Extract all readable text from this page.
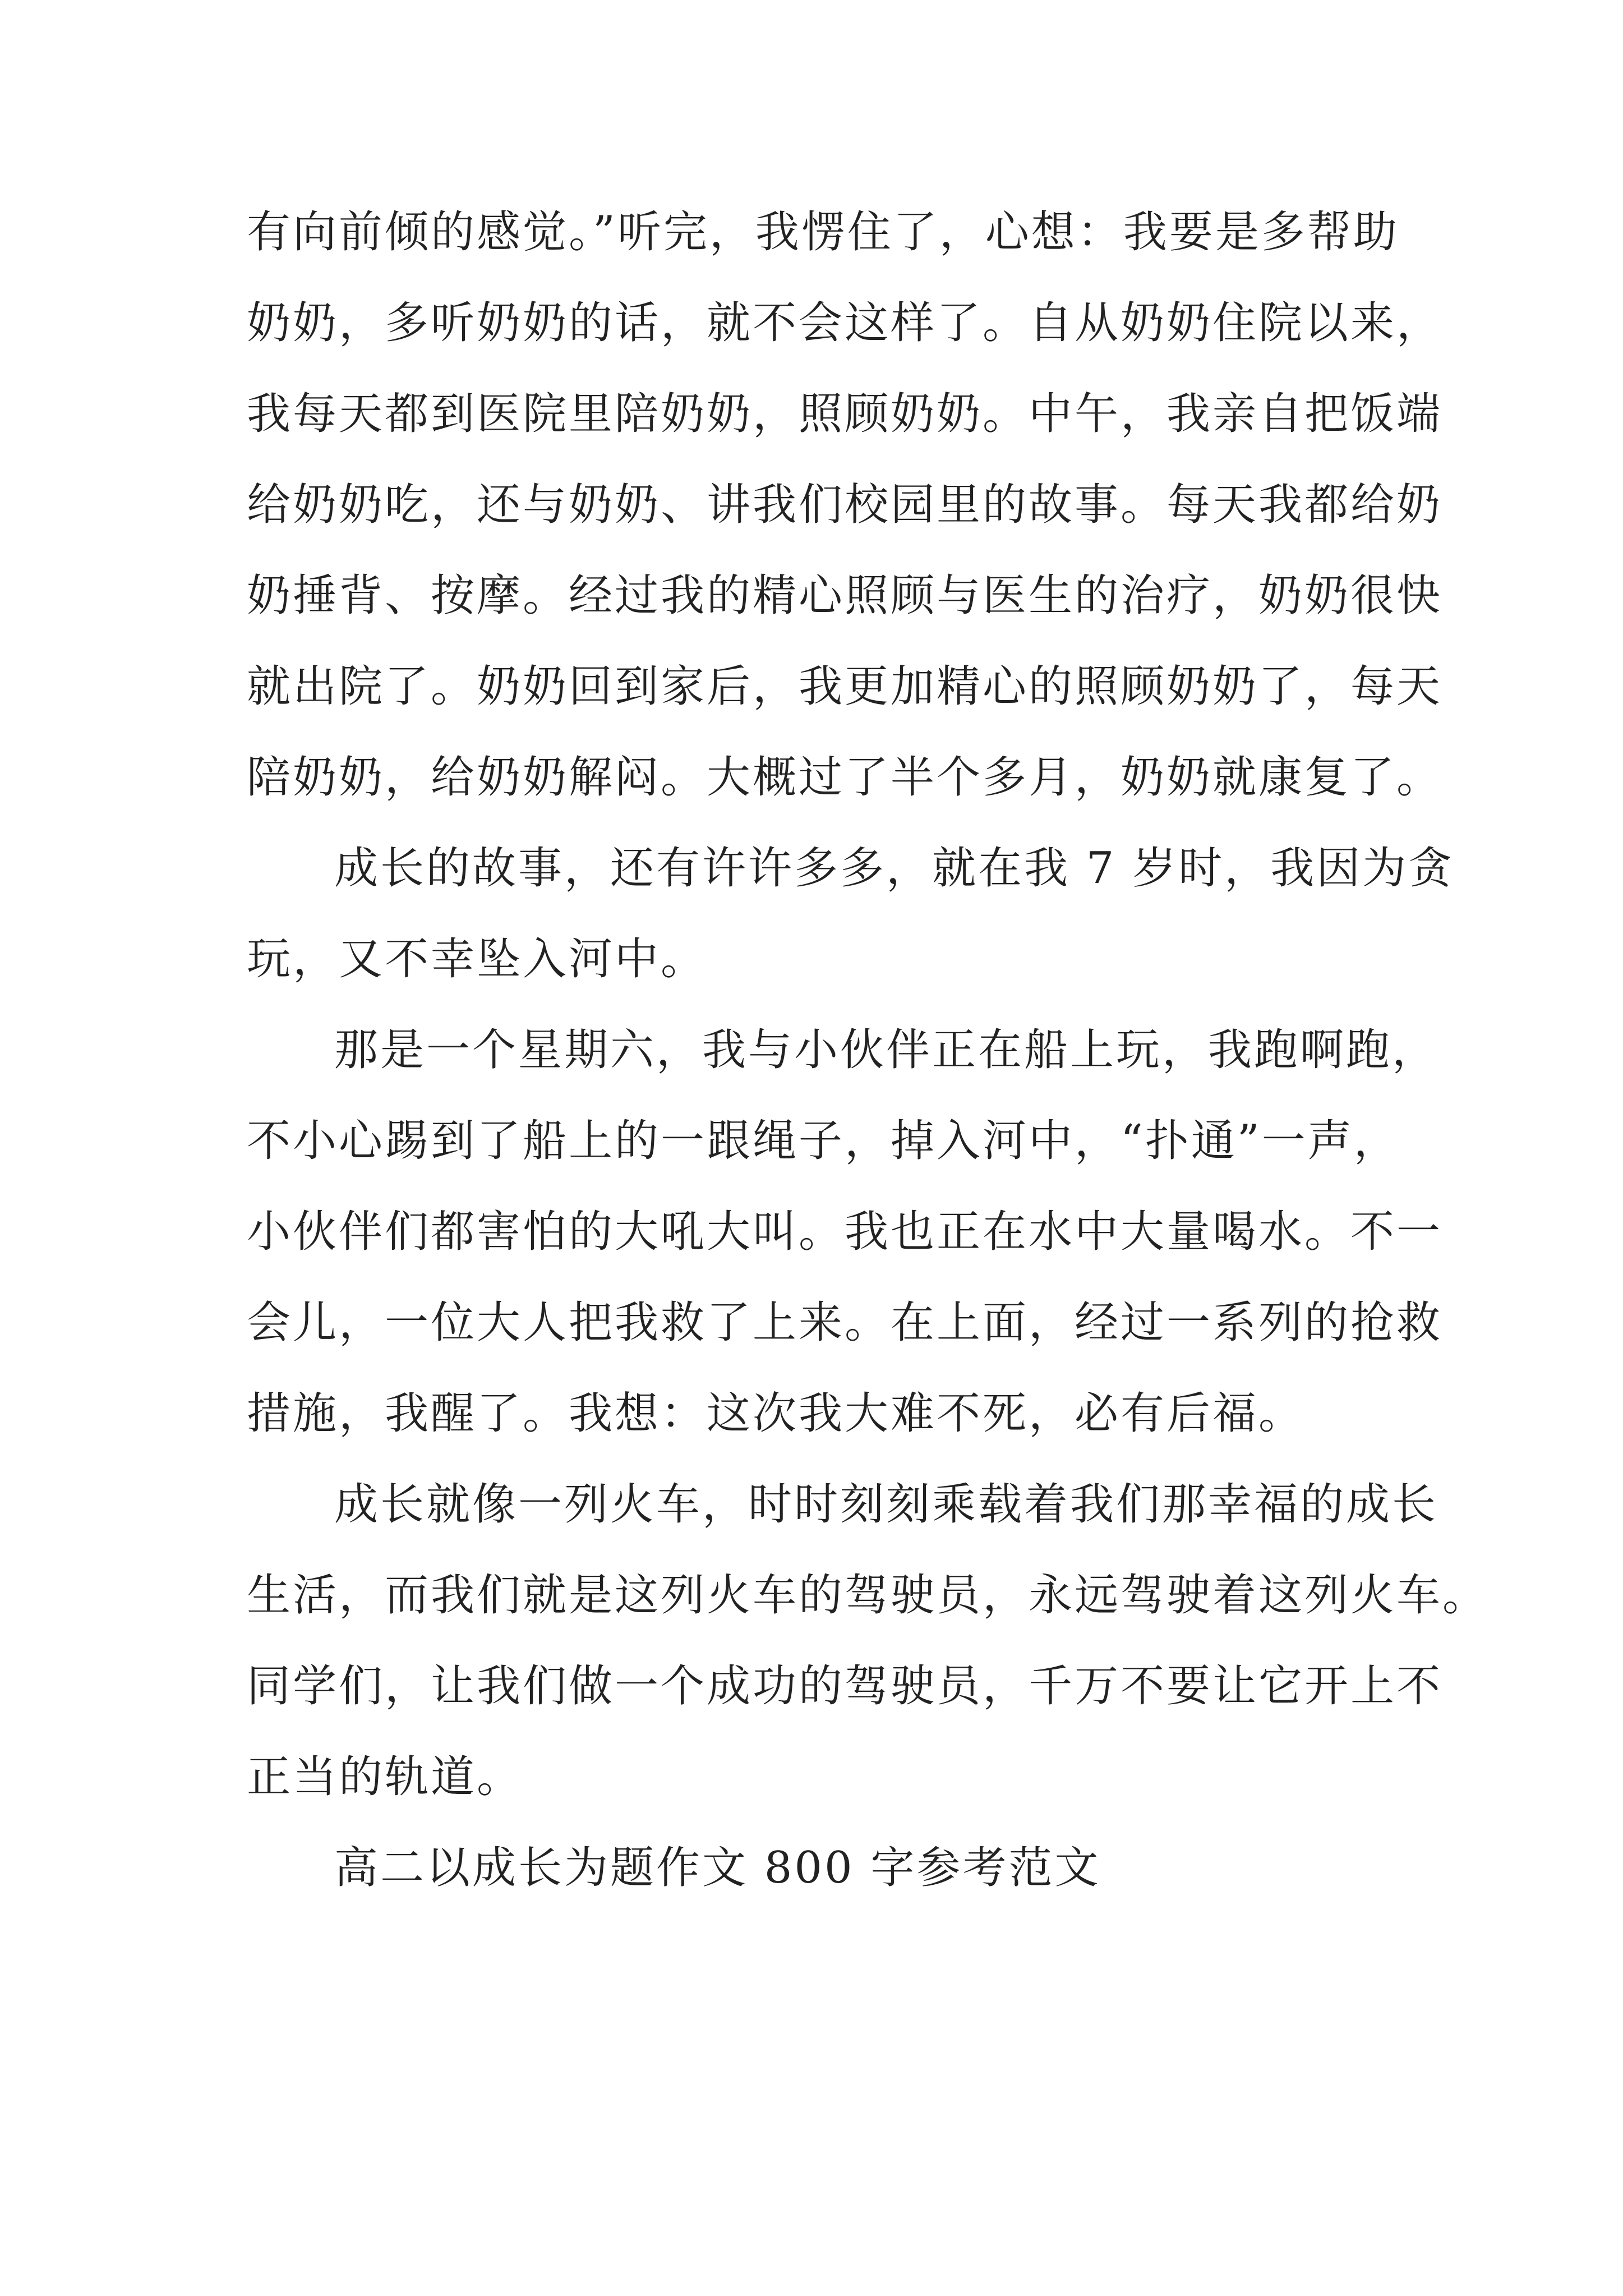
有向前倾的感觉。”听完，我愣住了，心想：我要是多帮助
奶奶，多听奶奶的话，就不会这样了。自从奶奶住院以来，
我每天都到医院里陪奶奶，照顾奶奶。中午，我亲自把饭端
给奶奶吃，还与奶奶、讲我们校园里的故事。每天我都给奶
奶捶背、按摩。经过我的精心照顾与医生的治疗，奶奶很快
就出院了。奶奶回到家后，我更加精心的照顾奶奶了，每天
陪奶奶，给奶奶解闷。大概过了半个多月，奶奶就康复了。
成长的故事，还有许许多多，就在我 7 岁时，我因为贪
玩，又不幸坠入河中。
那是一个星期六，我与小伙伴正在船上玩，我跑啊跑，
不小心踢到了船上的一跟绳子，掉入河中，“扑通”一声，
小伙伴们都害怕的大吼大叫。我也正在水中大量喝水。不一
会儿，一位大人把我救了上来。在上面，经过一系列的抢救
措施，我醒了。我想：这次我大难不死，必有后福。
成长就像一列火车，时时刻刻乘载着我们那幸福的成长
生活，而我们就是这列火车的驾驶员，永远驾驶着这列火车。
同学们，让我们做一个成功的驾驶员，千万不要让它开上不
正当的轨道。
高二以成长为题作文 800 字参考范文
